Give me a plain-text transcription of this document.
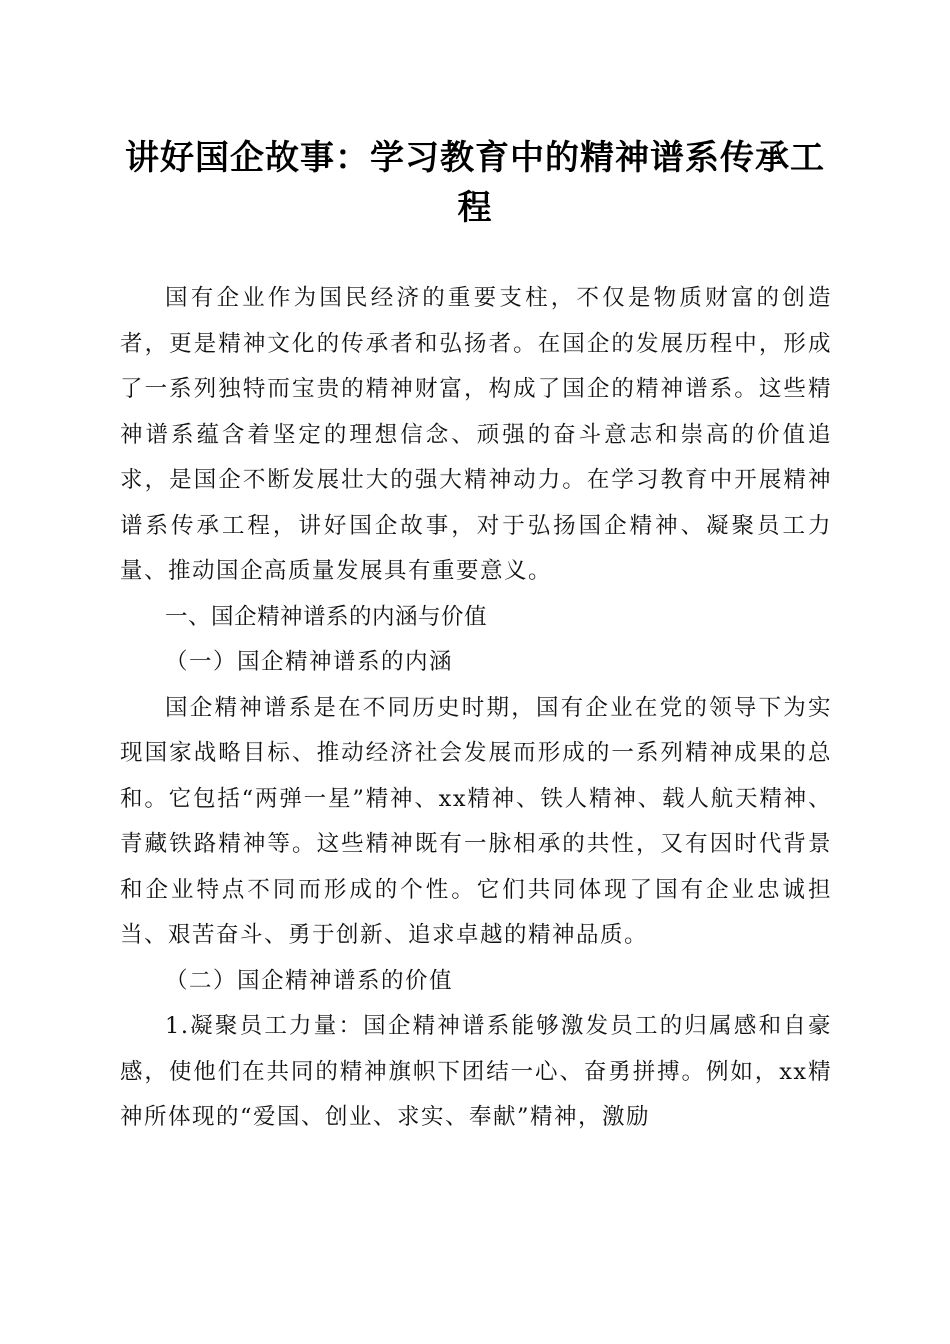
讲好国企故事：学习教育中的精神谱系传承工
程

国有企业作为国民经济的重要支柱，不仅是物质财富的创造者，更是精神文化的传承者和弘扬者。在国企的发展历程中，形成了一系列独特而宝贵的精神财富，构成了国企的精神谱系。这些精神谱系蕴含着坚定的理想信念、顽强的奋斗意志和崇高的价值追求，是国企不断发展壮大的强大精神动力。在学习教育中开展精神谱系传承工程，讲好国企故事，对于弘扬国企精神、凝聚员工力量、推动国企高质量发展具有重要意义。

一、国企精神谱系的内涵与价值

（一）国企精神谱系的内涵

国企精神谱系是在不同历史时期，国有企业在党的领导下为实现国家战略目标、推动经济社会发展而形成的一系列精神成果的总和。它包括“两弹一星”精神、xx精神、铁人精神、载人航天精神、青藏铁路精神等。这些精神既有一脉相承的共性，又有因时代背景和企业特点不同而形成的个性。它们共同体现了国有企业忠诚担当、艰苦奋斗、勇于创新、追求卓越的精神品质。

（二）国企精神谱系的价值

1.凝聚员工力量：国企精神谱系能够激发员工的归属感和自豪感，使他们在共同的精神旗帜下团结一心、奋勇拼搏。例如，xx精神所体现的“爱国、创业、求实、奉献”精神，激励
